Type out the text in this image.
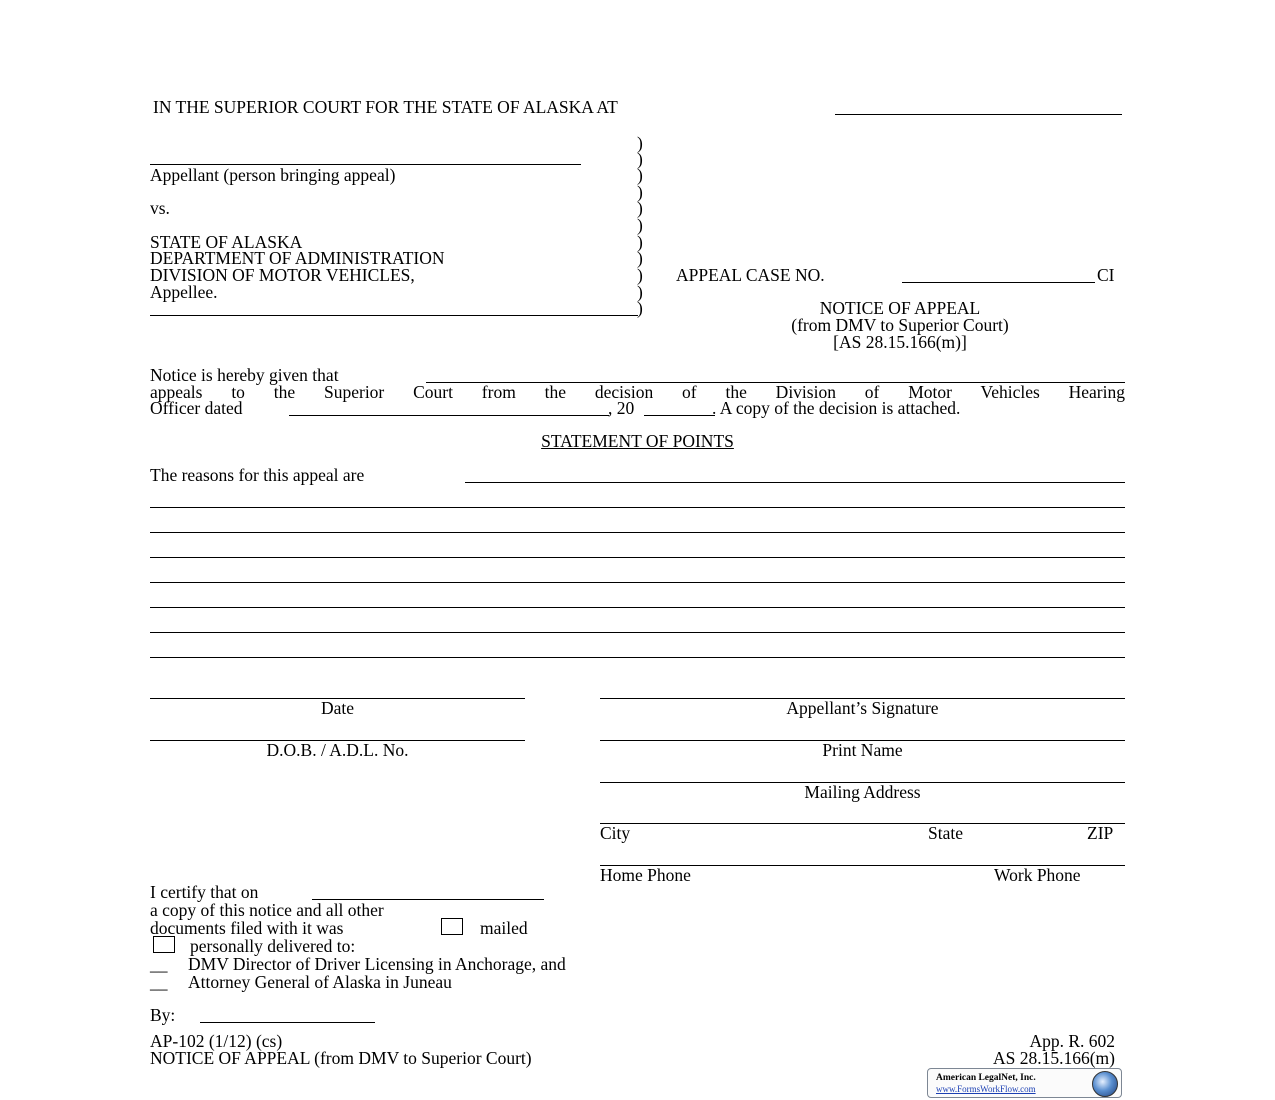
IN THE SUPERIOR COURT FOR THE STATE OF ALASKA AT
Appellant (person bringing appeal)
vs.
STATE OF ALASKA
DEPARTMENT OF ADMINISTRATION
DIVISION OF MOTOR VEHICLES,
Appellee.
)
)
)
)
)
)
)
)
)
)
)
APPEAL CASE NO.	CI
NOTICE OF APPEAL
(from DMV to Superior Court)
[AS 28.15.166(m)]
Notice is hereby given that
appeals to the Superior Court from the decision of the Division of Motor Vehicles Hearing
Officer dated	, 20	. A copy of the decision is attached.
STATEMENT OF POINTS
The reasons for this appeal are
Date
D.O.B. / A.D.L. No.
Appellant’s Signature
Print Name
Mailing Address
City	State	ZIP
Home Phone	Work Phone
I certify that on
a copy of this notice and all other
documents filed with it was	mailed
personally delivered to:
__ DMV Director of Driver Licensing in Anchorage, and
__ Attorney General of Alaska in Juneau
By:
AP-102 (1/12) (cs)
NOTICE OF APPEAL (from DMV to Superior Court)
App. R. 602
AS 28.15.166(m)
American LegalNet, Inc.
www.FormsWorkFlow.com
